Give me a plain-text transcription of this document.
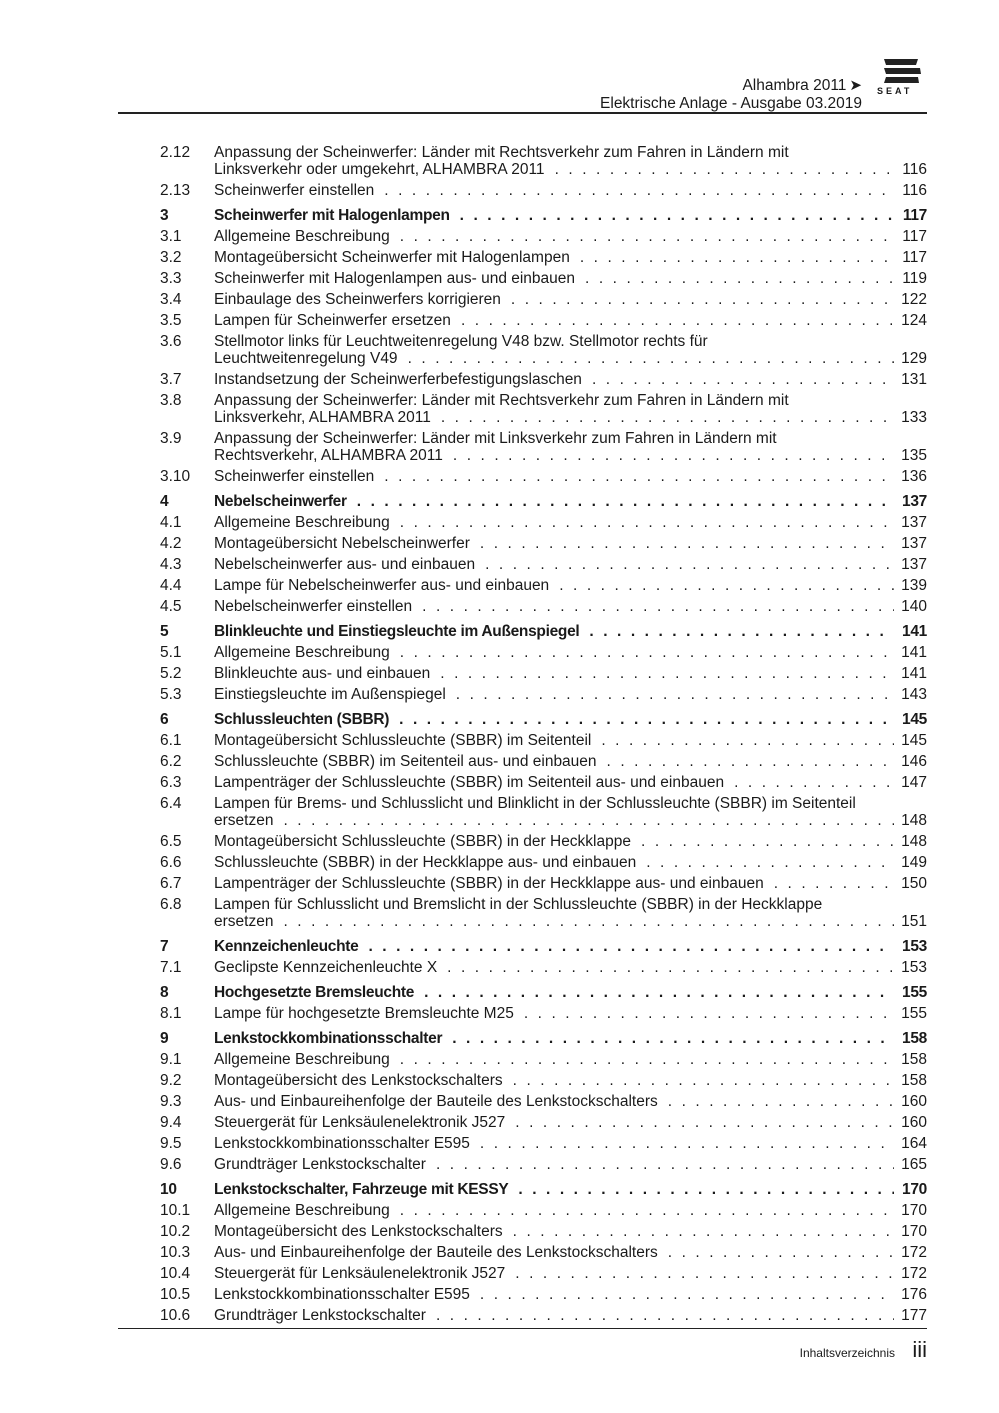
Alhambra 2011 ➤
Elektrische Anlage - Ausgabe 03.2019
SEAT
2.12 Anpassung der Scheinwerfer: Länder mit Rechtsverkehr zum Fahren in Ländern mit
Linksverkehr oder umgekehrt, ALHAMBRA 2011 . . .	116
2.13 Scheinwerfer einstellen . . .	116
3	Scheinwerfer mit Halogenlampen . . .	117
3.1 Allgemeine Beschreibung . . .	117
3.2 Montageübersicht Scheinwerfer mit Halogenlampen . . .	117
3.3 Scheinwerfer mit Halogenlampen aus- und einbauen . . .	119
3.4 Einbaulage des Scheinwerfers korrigieren . . .	122
3.5 Lampen für Scheinwerfer ersetzen . . .	124
3.6 Stellmotor links für Leuchtweitenregelung V48 bzw. Stellmotor rechts für
Leuchtweitenregelung V49 . . .	129
3.7 Instandsetzung der Scheinwerferbefestigungslaschen . . .	131
3.8 Anpassung der Scheinwerfer: Länder mit Rechtsverkehr zum Fahren in Ländern mit
Linksverkehr, ALHAMBRA 2011 . . .	133
3.9 Anpassung der Scheinwerfer: Länder mit Linksverkehr zum Fahren in Ländern mit
Rechtsverkehr, ALHAMBRA 2011 . . .	135
3.10 Scheinwerfer einstellen . . .	136
4	Nebelscheinwerfer . . .	137
4.1 Allgemeine Beschreibung . . .	137
4.2 Montageübersicht Nebelscheinwerfer . . .	137
4.3 Nebelscheinwerfer aus- und einbauen . . .	137
4.4 Lampe für Nebelscheinwerfer aus- und einbauen . . .	139
4.5 Nebelscheinwerfer einstellen . . .	140
5	Blinkleuchte und Einstiegsleuchte im Außenspiegel . . .	141
5.1 Allgemeine Beschreibung . . .	141
5.2 Blinkleuchte aus- und einbauen . . .	141
5.3 Einstiegsleuchte im Außenspiegel . . .	143
6	Schlussleuchten (SBBR) . . .	145
6.1 Montageübersicht Schlussleuchte (SBBR) im Seitenteil . . .	145
6.2 Schlussleuchte (SBBR) im Seitenteil aus- und einbauen . . .	146
6.3 Lampenträger der Schlussleuchte (SBBR) im Seitenteil aus- und einbauen . . .	147
6.4 Lampen für Brems- und Schlusslicht und Blinklicht in der Schlussleuchte (SBBR) im Seitenteil
ersetzen . . .	148
6.5 Montageübersicht Schlussleuchte (SBBR) in der Heckklappe . . .	148
6.6 Schlussleuchte (SBBR) in der Heckklappe aus- und einbauen . . .	149
6.7 Lampenträger der Schlussleuchte (SBBR) in der Heckklappe aus- und einbauen . . .	150
6.8 Lampen für Schlusslicht und Bremslicht in der Schlussleuchte (SBBR) in der Heckklappe
ersetzen . . .	151
7	Kennzeichenleuchte . . .	153
7.1 Geclipste Kennzeichenleuchte X . . .	153
8	Hochgesetzte Bremsleuchte . . .	155
8.1 Lampe für hochgesetzte Bremsleuchte M25 . . .	155
9	Lenkstockkombinationsschalter . . .	158
9.1 Allgemeine Beschreibung . . .	158
9.2 Montageübersicht des Lenkstockschalters . . .	158
9.3 Aus- und Einbaureihenfolge der Bauteile des Lenkstockschalters . . .	160
9.4 Steuergerät für Lenksäulenelektronik J527 . . .	160
9.5 Lenkstockkombinationsschalter E595 . . .	164
9.6 Grundträger Lenkstockschalter . . .	165
10 Lenkstockschalter, Fahrzeuge mit KESSY . . .	170
10.1 Allgemeine Beschreibung . . .	170
10.2 Montageübersicht des Lenkstockschalters . . .	170
10.3 Aus- und Einbaureihenfolge der Bauteile des Lenkstockschalters . . .	172
10.4 Steuergerät für Lenksäulenelektronik J527 . . .	172
10.5 Lenkstockkombinationsschalter E595 . . .	176
10.6 Grundträger Lenkstockschalter . . .	177
Inhaltsverzeichnis iii
